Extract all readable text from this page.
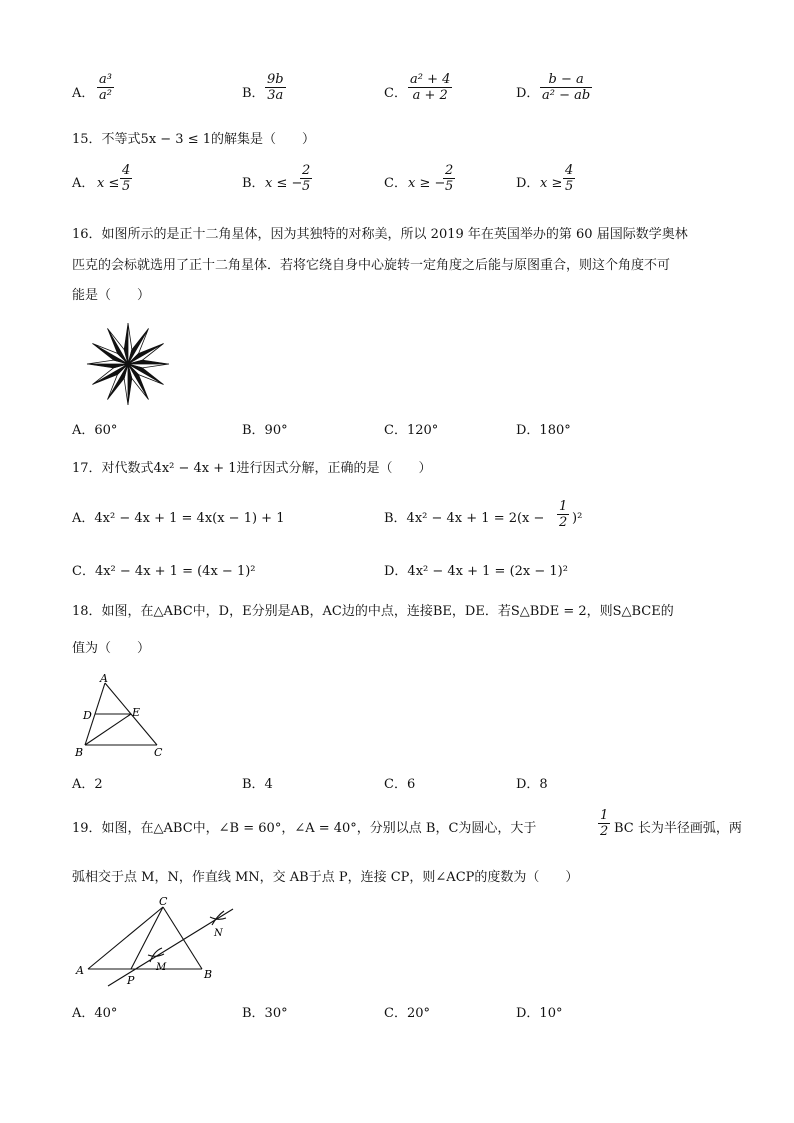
A． $\frac{\text{a³}}{\text{a²}}$	B． $\frac{9b}{3a}$	C． $\frac{\text{a² + 4}}{a + 2}$	D． $\frac{b - a}{\text{a² − ab}}$
15．不等式5x − 3 ≤ 1的解集是（　　）
A． $x \le \frac{4}{5}$	B． x ≤ −
$\frac{2}{5}$	C． x ≥ −
$\frac{2}{5}$	D． $x \ge \frac{4}{5}$
16．如图所示的是正十二角星体，因为其独特的对称美，所以 2019 年在英国举办的第 60 届国际数学奥林
匹克的会标就选用了正十二角星体．若将它绕自身中心旋转一定角度之后能与原图重合，则这个角度不可
能是（　　）
A．60°	B．90°	C．120°	D．180°
17．对代数式4x² − 4x + 1进行因式分解，正确的是（　　）
A．4x² − 4x + 1 = 4x(x − 1) + 1	B．$4x^2 - 4x + 1 = 2(x - \frac{1}{2} )^2$
C．4x² − 4x + 1 = (4x − 1)²	D．4x² − 4x + 1 = (2x − 1)²
18．如图，在△ABC中，D，E分别是AB，AC边的中点，连接BE，DE．若S△BDE = 2，则S△BCE的
值为（　　）
A
D	E
B	C
A．2	B．4	C．6	D．8
19．如图，在△ABC中，∠B = 60°，∠A = 40°，分别以点 B，C为圆心，大于	$\frac{1}{2}$ BC 长为半径画弧，两
弧相交于点 M，N，作直线 MN，交 AB于点 P，连接 CP，则∠ACP的度数为（　　）
C
A	B
P
M
N
A．40°	B．30°	C．20°	D．10°
